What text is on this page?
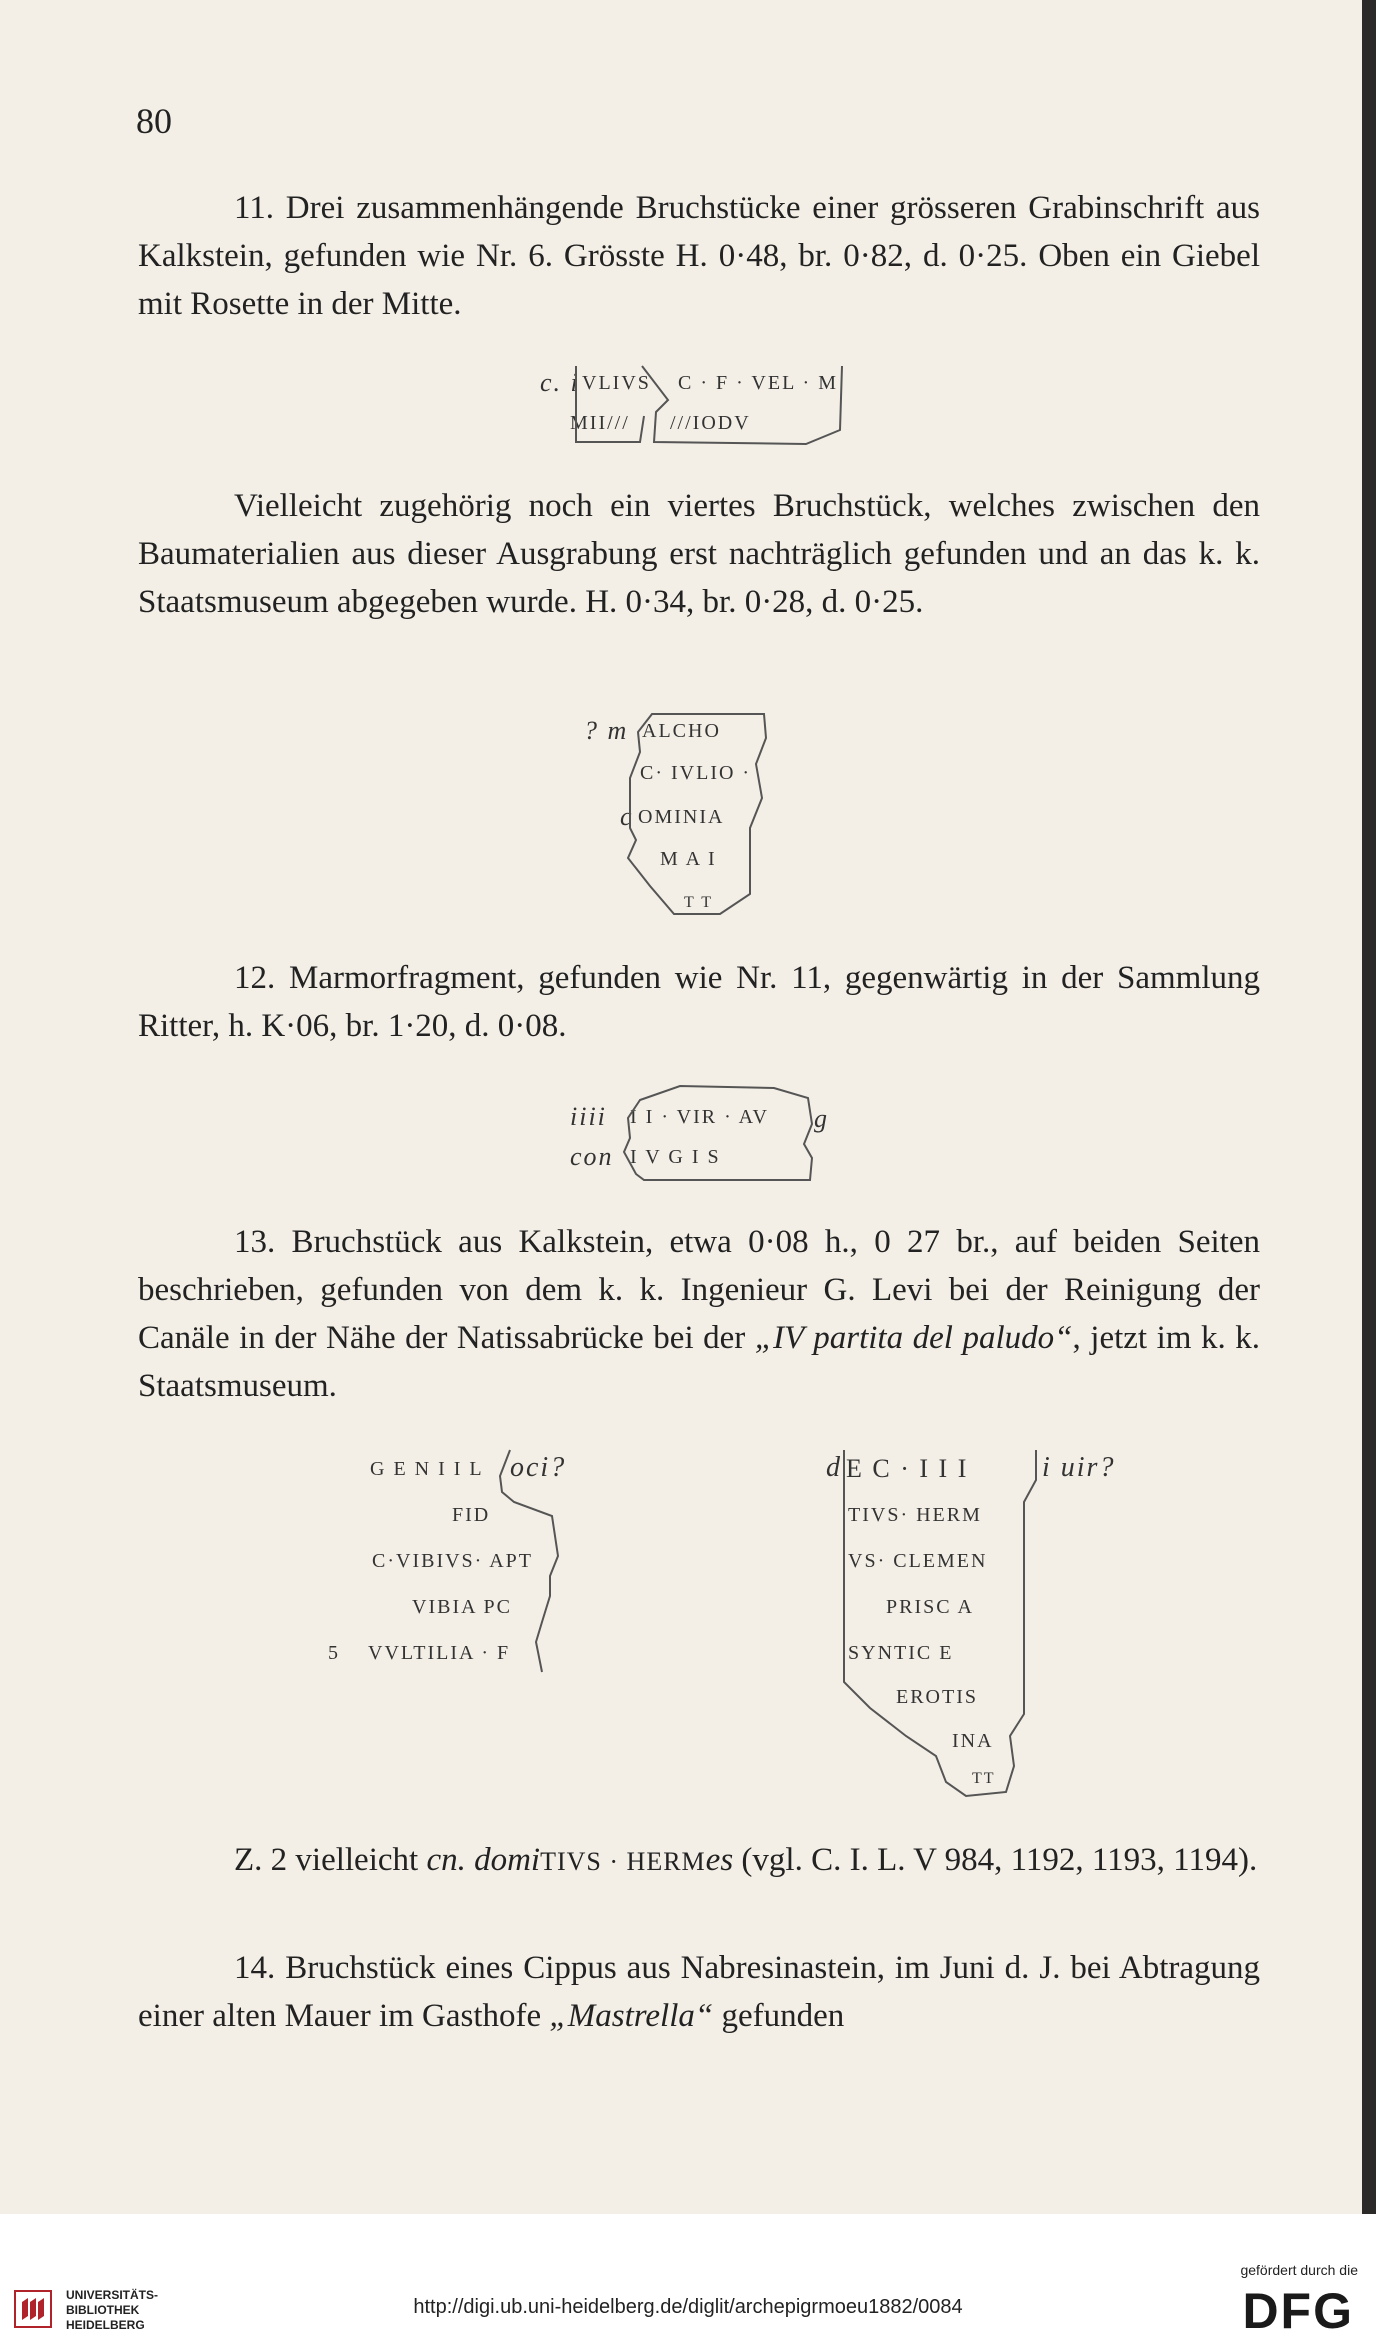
80

11. Drei zusammenhängende Bruchstücke einer grösseren Grabinschrift aus Kalkstein, gefunden wie Nr. 6. Grösste H. 0·48, br. 0·82, d. 0·25. Oben ein Giebel mit Rosette in der Mitte.

c. i VLIVS C · F · VEL · M
MII/// ///IODV

Vielleicht zugehörig noch ein viertes Bruchstück, welches zwischen den Baumaterialien aus dieser Ausgrabung erst nachträglich gefunden und an das k. k. Staatsmuseum abgegeben wurde. H. 0·34, br. 0·28, d. 0·25.

? m ALCHO
C· IVLIO ·
c OMINIA
M A I
T T

12. Marmorfragment, gefunden wie Nr. 11, gegenwärtig in der Sammlung Ritter, h. K·06, br. 1·20, d. 0·08.

iiii I I · VIR · AV g
con I V G I S

13. Bruchstück aus Kalkstein, etwa 0·08 h., 0 27 br., auf beiden Seiten beschrieben, gefunden von dem k. k. Ingenieur G. Levi bei der Reinigung der Canäle in der Nähe der Natissabrücke bei der „IV partita del paludo“, jetzt im k. k. Staatsmuseum.

G E N I I L oci?
FID
C·VIBIVS· APT
VIBIA PC
5 VVLTILIA · F
d E C · I I I	i uir?
TIVS· HERM
VS· CLEMEN
PRISC A
SYNTIC E
EROTIS
INA
TT

Z. 2 vielleicht cn. domiTIVS · HERMes (vgl. C. I. L. V 984, 1192, 1193, 1194).

14. Bruchstück eines Cippus aus Nabresinastein, im Juni d. J. bei Abtragung einer alten Mauer im Gasthofe „Mastrella“ gefunden

UNIVERSITÄTS-
BIBLIOTHEK
HEIDELBERG
http://digi.ub.uni-heidelberg.de/diglit/archepigrmoeu1882/0084
gefördert durch die
DFG
